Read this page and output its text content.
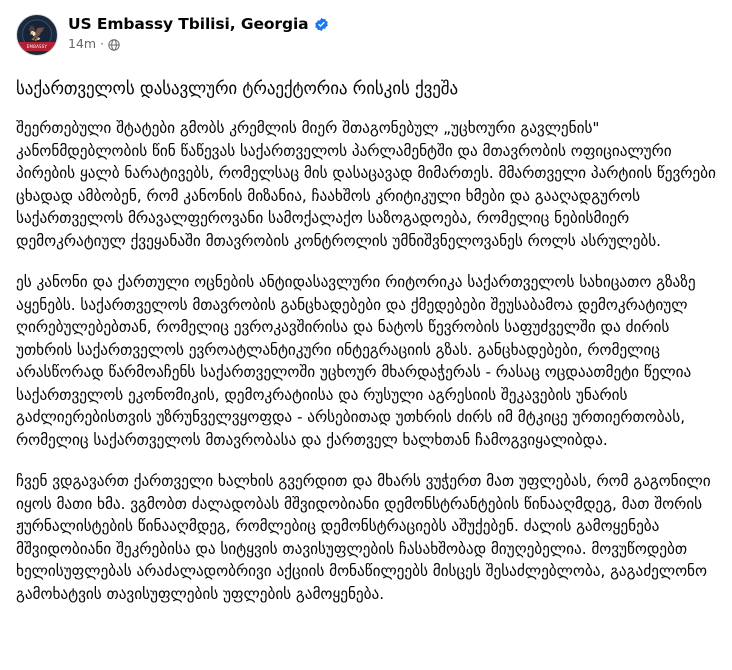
🦅
EMBASSY
US Embassy Tbilisi, Georgia
14m ·
საქართველოს დასავლური ტრაექტორია რისკის ქვეშა

შეერთებული შტატები გმობს კრემლის მიერ შთაგონებულ „უცხოური გავლენის" კანონმდებლობის წინ წაწევას საქართველოს პარლამენტში და მთავრობის ოფიციალური პირების ყალბ ნარატივებს, რომელსაც მის დასაცავად მიმართეს. მმართველი პარტიის წევრები ცხადად ამბობენ, რომ კანონის მიზანია, ჩაახშოს კრიტიკული ხმები და გააღადგუროს საქართველოს მრავალფეროვანი სამოქალაქო საზოგადოება, რომელიც ნებისმიერ დემოკრატიულ ქვეყანაში მთავრობის კონტროლის უმნიშვნელოვანეს როლს ასრულებს.

ეს კანონი და ქართული ოცნების ანტიდასავლური რიტორიკა საქართველოს სახიცათო გზაზე აყენებს. საქართველოს მთავრობის განცხადებები და ქმედებები შეუსაბამოა დემოკრატიულ ღირებულებებთან, რომელიც ევროკავშირისა და ნატოს წევრობის საფუძველში და ძირის უთხრის საქართველოს ევროატლანტიკური ინტეგრაციის გზას. განცხადებები, რომელიც არასწორად წარმოაჩენს საქართველოში უცხოურ მხარდაჭერას - რასაც ოცდაათმეტი წელია საქართველოს ეკონომიკის, დემოკრატიისა და რუსული აგრესიის შეკავების უნარის გაძლიერებისთვის უზრუნველვყოფდა - არსებითად უთხრის ძირს იმ მტკიცე ურთიერთობას, რომელიც საქართველოს მთავრობასა და ქართველ ხალხთან ჩამოგვიყალიბდა.

ჩვენ ვდგავართ ქართველი ხალხის გვერდით და მხარს ვუჭერთ მათ უფლებას, რომ გაგონილი იყოს მათი ხმა. ვგმობთ ძალადობას მშვიდობიანი დემონსტრანტების წინააღმდეგ, მათ შორის ჟურნალისტების წინააღმდეგ, რომლებიც დემონსტრაციებს აშუქებენ. ძალის გამოყენება მშვიდობიანი შეკრებისა და სიტყვის თავისუფლების ჩასახშობად მიუღებელია. მოვუწოდებთ ხელისუფლებას არაძალადობრივი აქციის მონაწილეებს მისცეს შესაძლებლობა, გაგაძელონო გამოხატვის თავისუფლების უფლების გამოყენება.
